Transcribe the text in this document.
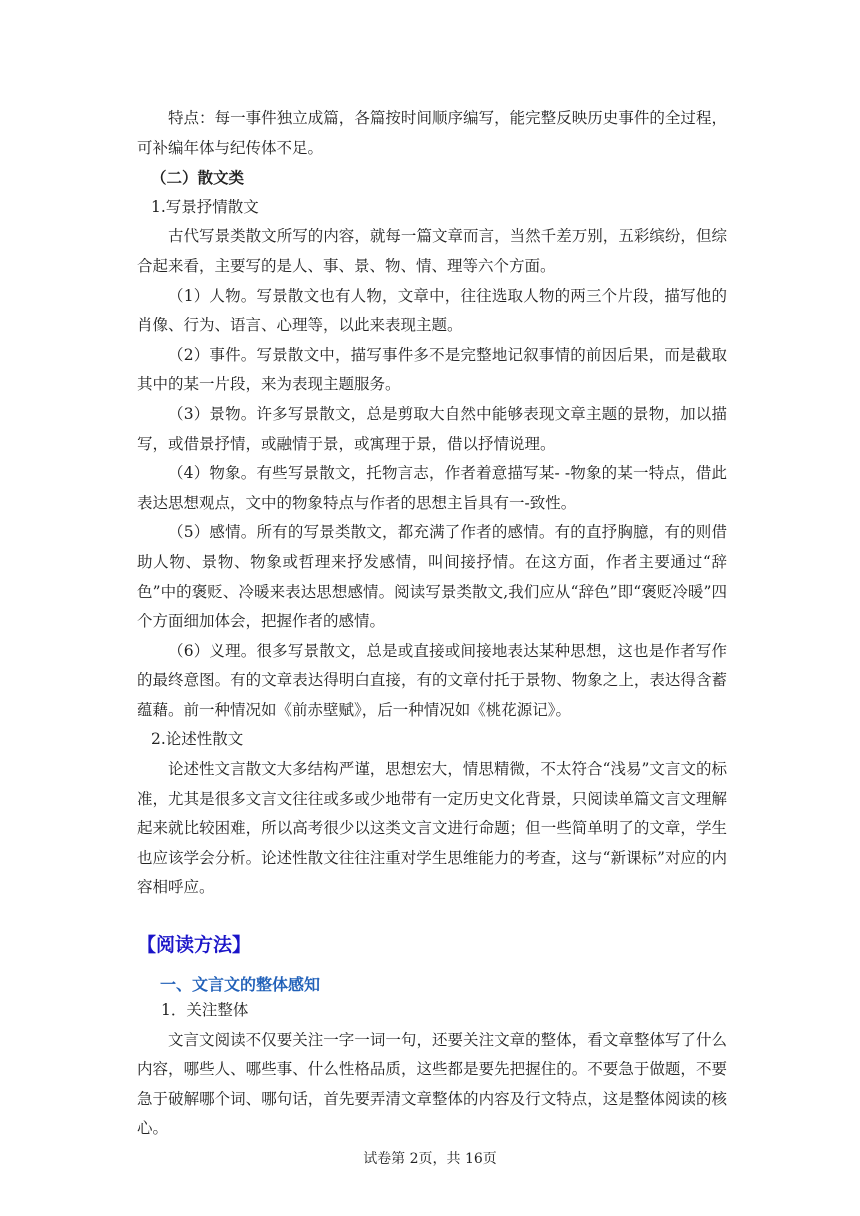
特点：每一事件独立成篇，各篇按时间顺序编写，能完整反映历史事件的全过程，可补编年体与纪传体不足。

（二）散文类

1.写景抒情散文

古代写景类散文所写的内容，就每一篇文章而言，当然千差万别，五彩缤纷，但综合起来看，主要写的是人、事、景、物、情、理等六个方面。

（1）人物。写景散文也有人物，文章中，往往选取人物的两三个片段，描写他的肖像、行为、语言、心理等，以此来表现主题。

（2）事件。写景散文中，描写事件多不是完整地记叙事情的前因后果，而是截取其中的某一片段，来为表现主题服务。

（3）景物。许多写景散文，总是剪取大自然中能够表现文章主题的景物，加以描写，或借景抒情，或融情于景，或寓理于景，借以抒情说理。

（4）物象。有些写景散文，托物言志，作者着意描写某- -物象的某一特点，借此表达思想观点，文中的物象特点与作者的思想主旨具有一-致性。

（5）感情。所有的写景类散文，都充满了作者的感情。有的直抒胸臆，有的则借助人物、景物、物象或哲理来抒发感情，叫间接抒情。在这方面，作者主要通过“辞色”中的褒贬、冷暖来表达思想感情。阅读写景类散文,我们应从“辞色”即“褒贬冷暖”四个方面细加体会，把握作者的感情。

（6）义理。很多写景散文，总是或直接或间接地表达某种思想，这也是作者写作的最终意图。有的文章表达得明白直接，有的文章付托于景物、物象之上，表达得含蓄蕴藉。前一种情况如《前赤壁赋》，后一种情况如《桃花源记》。

2.论述性散文

论述性文言散文大多结构严谨，思想宏大，情思精微，不太符合“浅易”文言文的标准，尤其是很多文言文往往或多或少地带有一定历史文化背景，只阅读单篇文言文理解起来就比较困难，所以高考很少以这类文言文进行命题；但一些简单明了的文章，学生也应该学会分析。论述性散文往往注重对学生思维能力的考查，这与“新课标”对应的内容相呼应。

【阅读方法】
一、文言文的整体感知

1．关注整体

文言文阅读不仅要关注一字一词一句，还要关注文章的整体，看文章整体写了什么内容，哪些人、哪些事、什么性格品质，这些都是要先把握住的。不要急于做题，不要急于破解哪个词、哪句话，首先要弄清文章整体的内容及行文特点，这是整体阅读的核心。

试卷第 2页，共 16页
